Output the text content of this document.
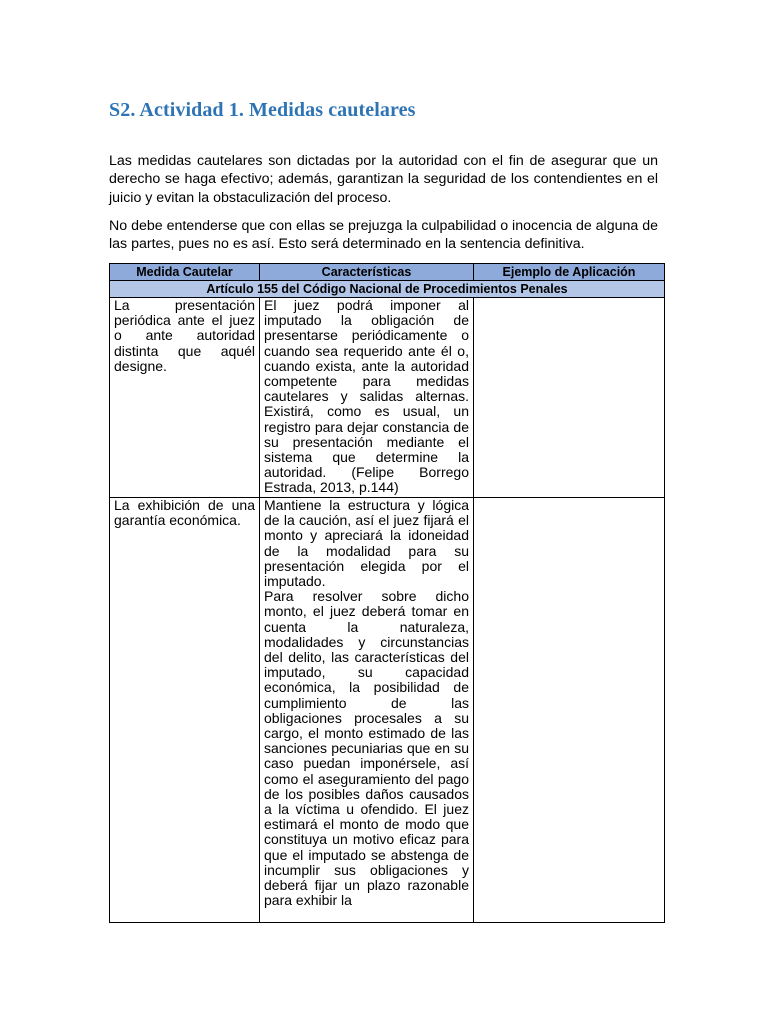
S2. Actividad 1. Medidas cautelares

Las medidas cautelares son dictadas por la autoridad con el fin de asegurar que un derecho se haga efectivo; además, garantizan la seguridad de los contendientes en el juicio y evitan la obstaculización del proceso.

No debe entenderse que con ellas se prejuzga la culpabilidad o inocencia de alguna de las partes, pues no es así. Esto será determinado en la sentencia definitiva.

Medida Cautelar	Características	Ejemplo de Aplicación
Artículo 155 del Código Nacional de Procedimientos Penales		
La presentación periódica ante el juez o ante autoridad distinta que aquél designe.	El juez podrá imponer al imputado la obligación de presentarse periódicamente o cuando sea requerido ante él o, cuando exista, ante la autoridad competente para medidas cautelares y salidas alternas. Existirá, como es usual, un registro para dejar constancia de su presentación mediante el sistema que determine la autoridad. (Felipe Borrego Estrada, 2013, p.144)	
La exhibición de una garantía económica.	Mantiene la estructura y lógica de la caución, así el juez fijará el monto y apreciará la idoneidad de la modalidad para su presentación elegida por el imputado.
Para resolver sobre dicho monto, el juez deberá tomar en cuenta la naturaleza, modalidades y circunstancias del delito, las características del imputado, su capacidad económica, la posibilidad de cumplimiento de las obligaciones procesales a su cargo, el monto estimado de las sanciones pecuniarias que en su caso puedan imponérsele, así como el aseguramiento del pago de los posibles daños causados a la víctima u ofendido. El juez estimará el monto de modo que constituya un motivo eficaz para que el imputado se abstenga de incumplir sus obligaciones y deberá fijar un plazo razonable para exhibir la	
